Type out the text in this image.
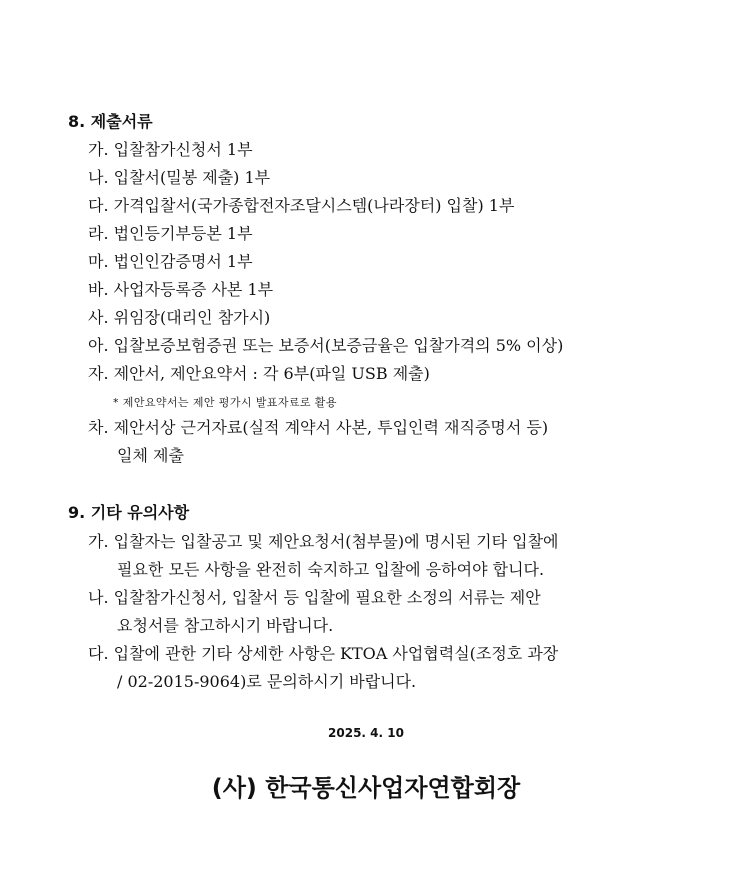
8. 제출서류
가. 입찰참가신청서 1부
나. 입찰서(밀봉 제출) 1부
다. 가격입찰서(국가종합전자조달시스템(나라장터) 입찰) 1부
라. 법인등기부등본 1부
마. 법인인감증명서 1부
바. 사업자등록증 사본 1부
사. 위임장(대리인 참가시)
아. 입찰보증보험증권 또는 보증서(보증금율은 입찰가격의 5% 이상)
자. 제안서, 제안요약서 : 각 6부(파일 USB 제출)
* 제안요약서는 제안 평가시 발표자료로 활용
차. 제안서상 근거자료(실적 계약서 사본, 투입인력 재직증명서 등)
일체 제출
9. 기타 유의사항
가. 입찰자는 입찰공고 및 제안요청서(첨부물)에 명시된 기타 입찰에
필요한 모든 사항을 완전히 숙지하고 입찰에 응하여야 합니다.
나. 입찰참가신청서, 입찰서 등 입찰에 필요한 소정의 서류는 제안
요청서를 참고하시기 바랍니다.
다. 입찰에 관한 기타 상세한 사항은 KTOA 사업협력실(조정호 과장
/ 02-2015-9064)로 문의하시기 바랍니다.
2025. 4. 10
(사) 한국통신사업자연합회장
